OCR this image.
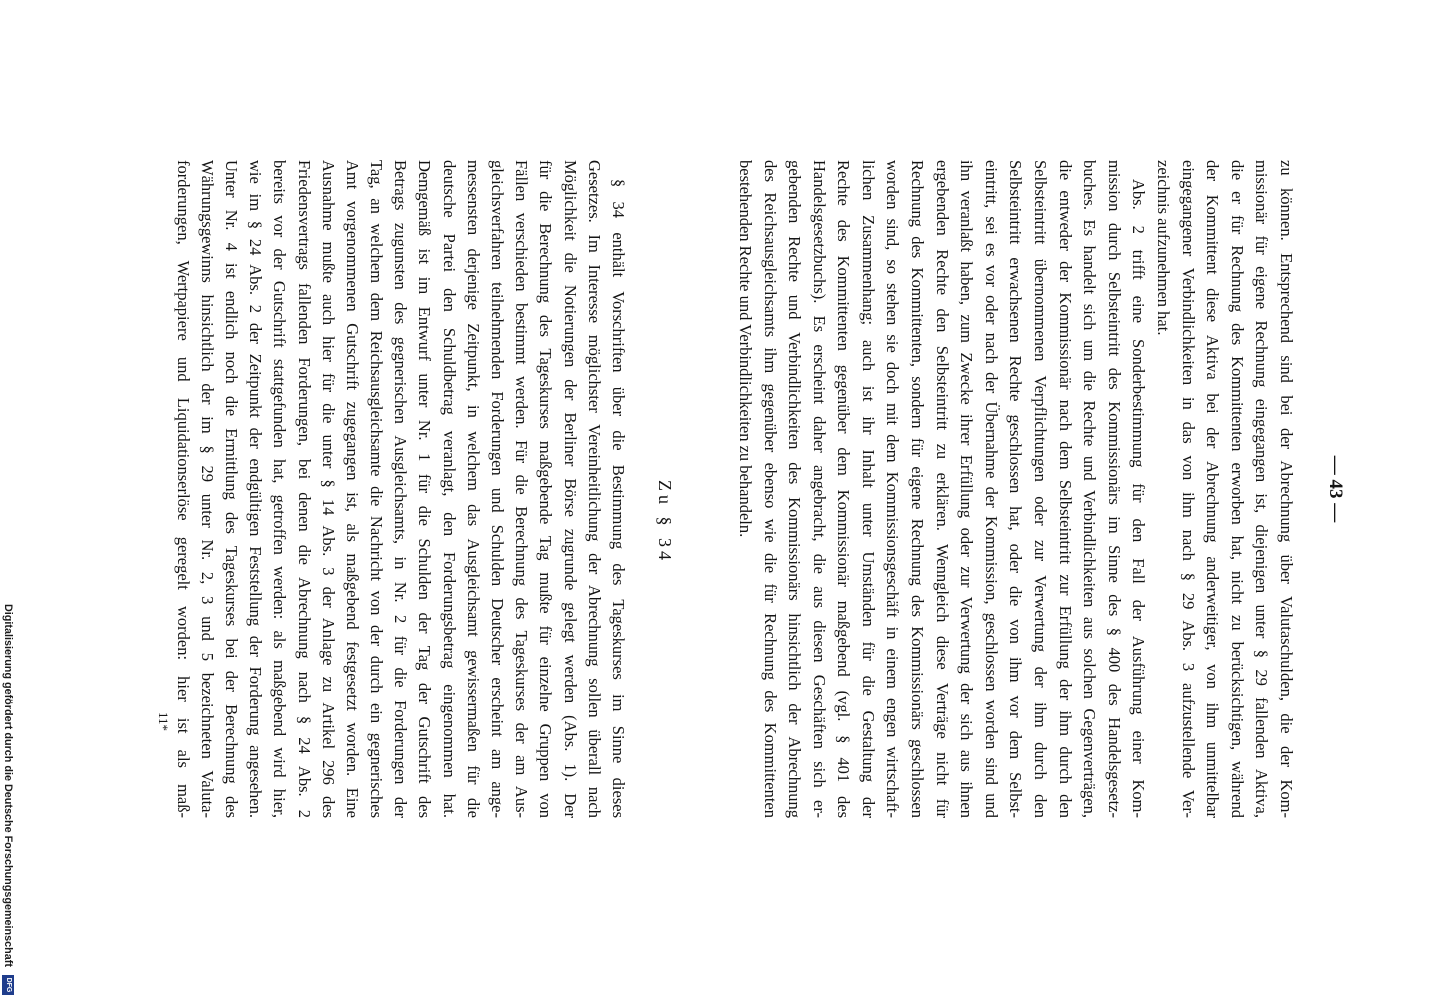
— 43 —
zu können. Entsprechend sind bei der Abrechnung über Valutaschulden, die der Kom-
missionär für eigene Rechnung eingegangen ist, diejenigen unter § 29 fallenden Aktiva,
die er für Rechnung des Kommittenten erworben hat, nicht zu berücksichtigen, während
der Kommittent diese Aktiva bei der Abrechnung anderweitiger, von ihm unmittelbar
eingegangener Verbindlichkeiten in das von ihm nach § 29 Abs. 3 aufzustellende Ver-
zeichnis aufzunehmen hat.
Abs. 2 trifft eine Sonderbestimmung für den Fall der Ausführung einer Kom-
mission durch Selbsteintritt des Kommissionärs im Sinne des § 400 des Handelsgesetz-
buches. Es handelt sich um die Rechte und Verbindlichkeiten aus solchen Gegenverträgen,
die entweder der Kommissionär nach dem Selbsteintritt zur Erfüllung der ihm durch den
Selbsteintritt übernommenen Verpflichtungen oder zur Verwertung der ihm durch den
Selbsteintritt erwachsenen Rechte geschlossen hat, oder die von ihm vor dem Selbst-
eintritt, sei es vor oder nach der Übernahme der Kommission, geschlossen worden sind und
ihn veranlaßt haben, zum Zwecke ihrer Erfüllung oder zur Verwertung der sich aus ihnen
ergebenden Rechte den Selbsteintritt zu erklären. Wenngleich diese Verträge nicht für
Rechnung des Kommittenten, sondern für eigene Rechnung des Kommissionärs geschlossen
worden sind, so stehen sie doch mit dem Kommissionsgeschäft in einem engen wirtschaft-
lichen Zusammenhang; auch ist ihr Inhalt unter Umständen für die Gestaltung der
Rechte des Kommittenten gegenüber dem Kommissionär maßgebend (vgl. § 401 des
Handelsgesetzbuchs). Es erscheint daher angebracht, die aus diesen Geschäften sich er-
gebenden Rechte und Verbindlichkeiten des Kommissionärs hinsichtlich der Abrechnung
des Reichsausgleichsamts ihm gegenüber ebenso wie die für Rechnung des Kommittenten
bestehenden Rechte und Verbindlichkeiten zu behandeln.
Zu § 34
§ 34 enthält Vorschriften über die Bestimmung des Tageskurses im Sinne dieses
Gesetzes. Im Interesse möglichster Vereinheitlichung der Abrechnung sollen überall nach
Möglichkeit die Notierungen der Berliner Börse zugrunde gelegt werden (Abs. 1). Der
für die Berechnung des Tageskurses maßgebende Tag mußte für einzelne Gruppen von
Fällen verschieden bestimmt werden. Für die Berechnung des Tageskurses der am Aus-
gleichsverfahren teilnehmenden Forderungen und Schulden Deutscher erscheint am ange-
messensten derjenige Zeitpunkt, in welchem das Ausgleichsamt gewissermaßen für die
deutsche Partei den Schuldbetrag veranlagt, den Forderungsbetrag eingenommen hat.
Demgemäß ist im Entwurf unter Nr. 1 für die Schulden der Tag der Gutschrift des
Betrags zugunsten des gegnerischen Ausgleichsamts, in Nr. 2 für die Forderungen der
Tag, an welchem dem Reichsausgleichsamte die Nachricht von der durch ein gegnerisches
Amt vorgenommenen Gutschrift zugegangen ist, als maßgebend festgesetzt worden. Eine
Ausnahme mußte auch hier für die unter § 14 Abs. 3 der Anlage zu Artikel 296 des
Friedensvertrags fallenden Forderungen, bei denen die Abrechnung nach § 24 Abs. 2
bereits vor der Gutschrift stattgefunden hat, getroffen werden: als maßgebend wird hier,
wie im § 24 Abs. 2 der Zeitpunkt der endgültigen Feststellung der Forderung angesehen.
Unter Nr. 4 ist endlich noch die Ermittlung des Tageskurses bei der Berechnung des
Währungsgewinns hinsichtlich der im § 29 unter Nr. 2, 3 und 5 bezeichneten Valuta-
forderungen, Wertpapiere und Liquidationserlöse geregelt worden: hier ist als maß-
11*
Digitalisierung gefördert durch die Deutsche Forschungsgemeinschaft
DFG
